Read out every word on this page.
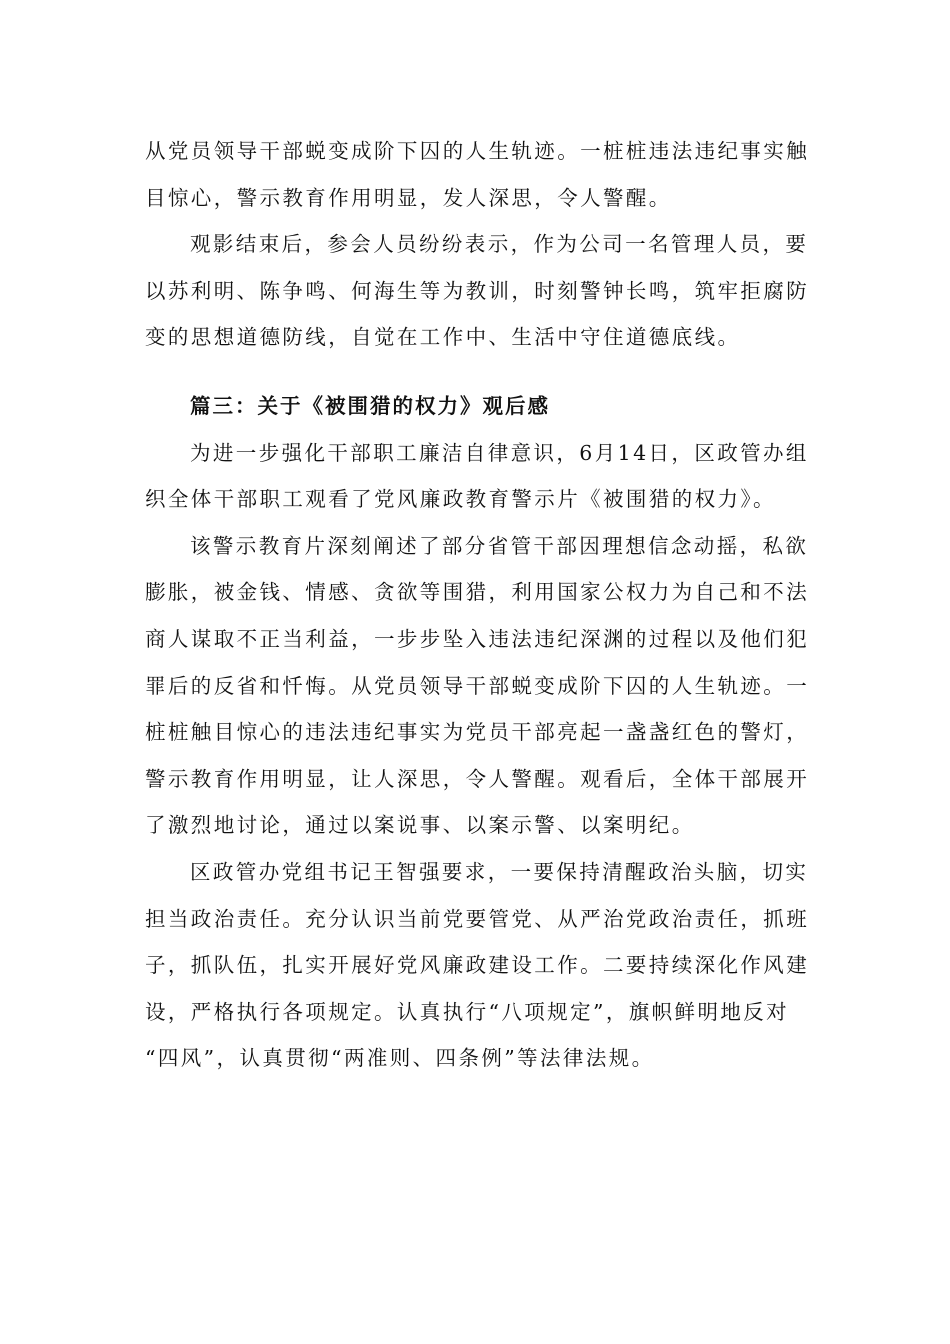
从党员领导干部蜕变成阶下囚的人生轨迹。一桩桩违法违纪事实触
目惊心，警示教育作用明显，发人深思，令人警醒。
观影结束后，参会人员纷纷表示，作为公司一名管理人员，要
以苏利明、陈争鸣、何海生等为教训，时刻警钟长鸣，筑牢拒腐防
变的思想道德防线，自觉在工作中、生活中守住道德底线。
篇三：关于《被围猎的权力》观后感
为进一步强化干部职工廉洁自律意识，6月14日，区政管办组
织全体干部职工观看了党风廉政教育警示片《被围猎的权力》。
该警示教育片深刻阐述了部分省管干部因理想信念动摇，私欲
膨胀，被金钱、情感、贪欲等围猎，利用国家公权力为自己和不法
商人谋取不正当利益，一步步坠入违法违纪深渊的过程以及他们犯
罪后的反省和忏悔。从党员领导干部蜕变成阶下囚的人生轨迹。一
桩桩触目惊心的违法违纪事实为党员干部亮起一盏盏红色的警灯，
警示教育作用明显，让人深思，令人警醒。观看后，全体干部展开
了激烈地讨论，通过以案说事、以案示警、以案明纪。
区政管办党组书记王智强要求，一要保持清醒政治头脑，切实
担当政治责任。充分认识当前党要管党、从严治党政治责任，抓班
子，抓队伍，扎实开展好党风廉政建设工作。二要持续深化作风建
设，严格执行各项规定。认真执行“八项规定”，旗帜鲜明地反对
“四风”，认真贯彻“两准则、四条例”等法律法规。
